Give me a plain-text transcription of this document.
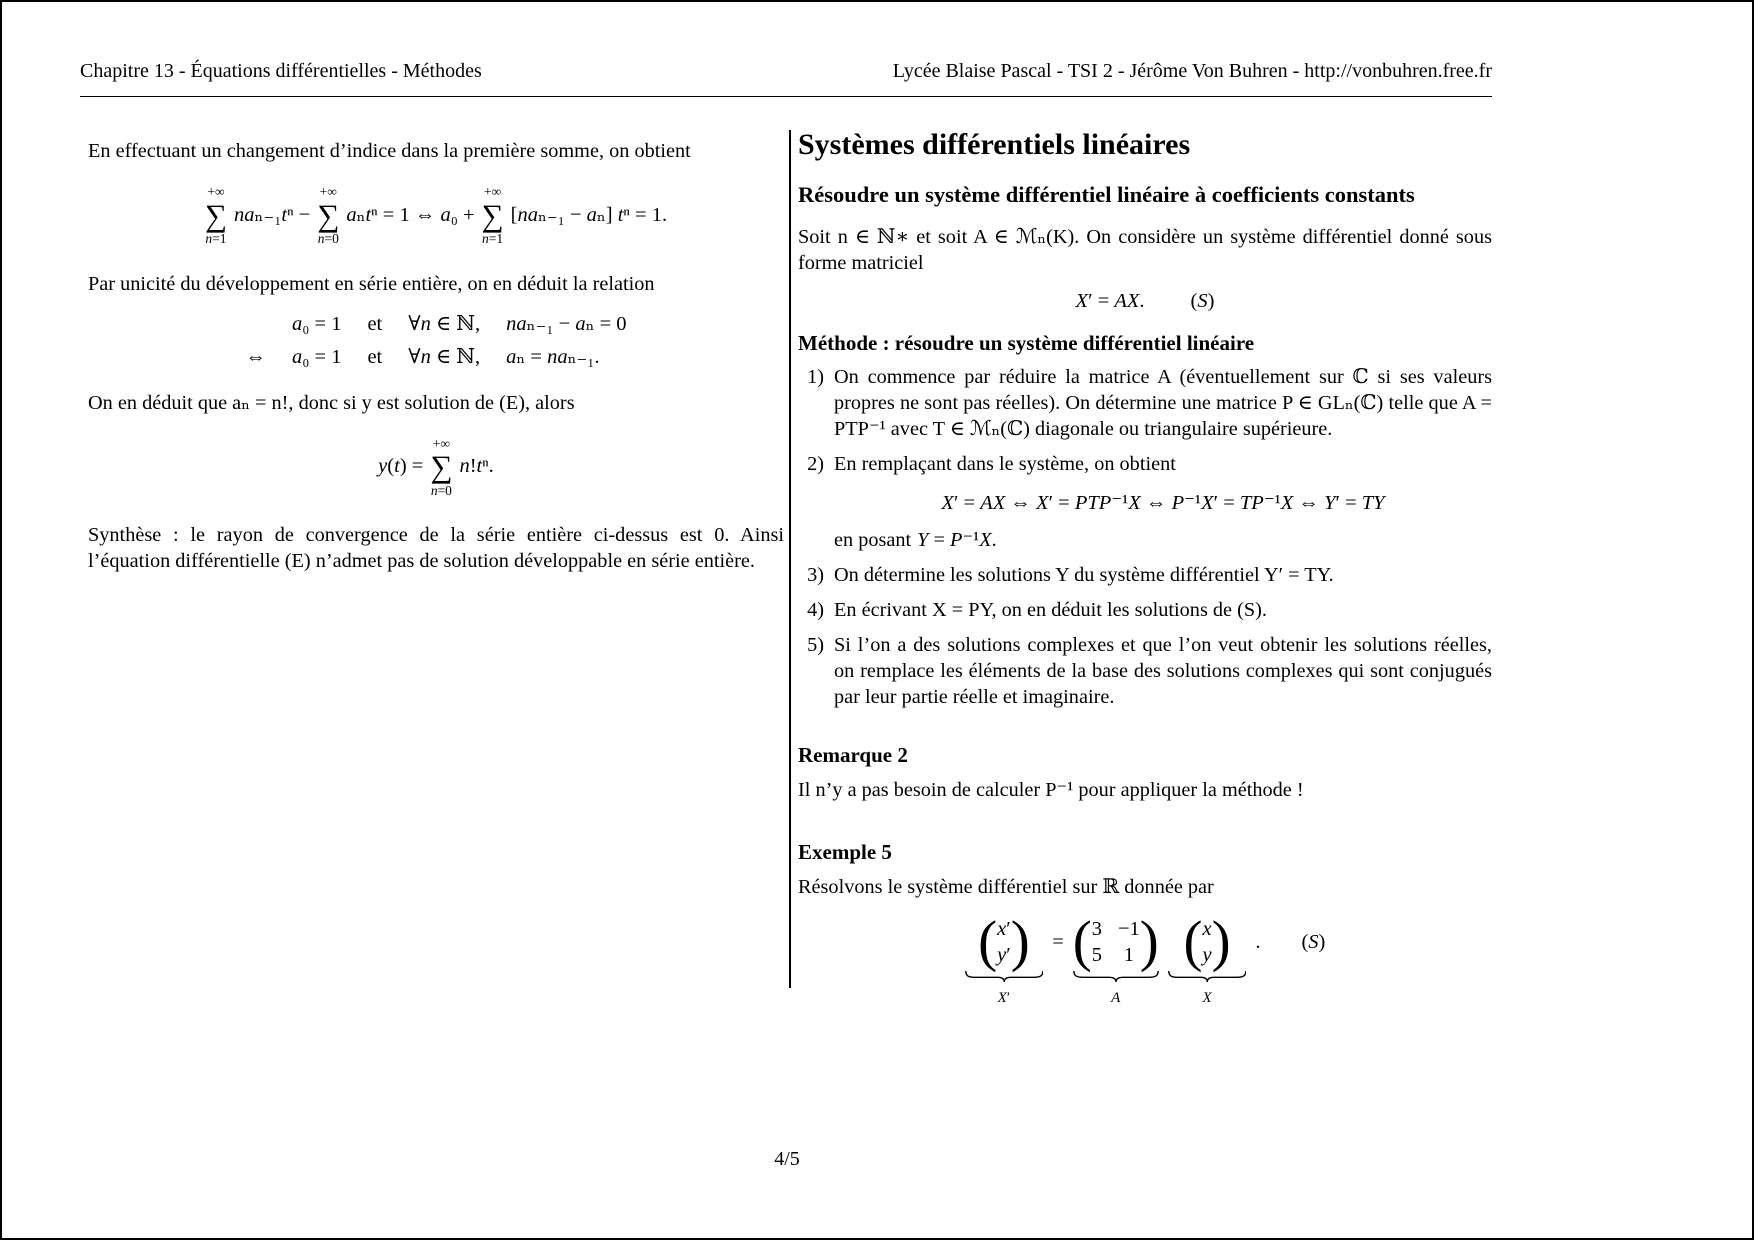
Chapitre 13 - Équations différentielles - Méthodes	Lycée Blaise Pascal - TSI 2 - Jérôme Von Buhren - http://vonbuhren.free.fr

En effectuant un changement d’indice dans la première somme, on obtient

+∞
∑
n=1
naₙ₋₁tⁿ −
+∞
∑
n=0
aₙtⁿ = 1 ⇔ a₀ +
+∞
∑
n=1
[naₙ₋₁ − aₙ] tⁿ = 1.

Par unicité du développement en série entière, on en déduit la relation

a₀ = 1 et ∀n ∈ ℕ, naₙ₋₁ − aₙ = 0
⇔ a₀ = 1 et ∀n ∈ ℕ, aₙ = naₙ₋₁.

On en déduit que aₙ = n!, donc si y est solution de (E), alors

y(t) =
+∞
∑
n=0
n!tⁿ.

Synthèse : le rayon de convergence de la série entière ci-dessus est 0. Ainsi l’équation différentielle (E) n’admet pas de solution développable en série entière.

Systèmes différentiels linéaires
Résoudre un système différentiel linéaire à coefficients constants

Soit n ∈ ℕ∗ et soit A ∈ ℳₙ(K). On considère un système différentiel donné sous forme matriciel

X′ = AX. (S)
Méthode : résoudre un système différentiel linéaire
1) On commence par réduire la matrice A (éventuellement sur ℂ si ses valeurs propres ne sont pas réelles). On détermine une matrice P ∈ GLₙ(ℂ) telle que A = PTP⁻¹ avec T ∈ ℳₙ(ℂ) diagonale ou triangulaire supérieure.

2) En remplaçant dans le système, on obtient

X′ = AX ⇔ X′ = PTP⁻¹X ⇔ P⁻¹X′ = TP⁻¹X ⇔ Y′ = TY

en posant Y = P⁻¹X.

3) On détermine les solutions Y du système différentiel Y′ = TY.

4) En écrivant X = PY, on en déduit les solutions de (S).

5) Si l’on a des solutions complexes et que l’on veut obtenir les solutions réelles, on remplace les éléments de la base des solutions complexes qui sont conjugués par leur partie réelle et imaginaire.

Remarque 2

Il n’y a pas besoin de calculer P⁻¹ pour appliquer la méthode !

Exemple 5

Résolvons le système différentiel sur ℝ donnée par

( x′
y′ )
X′
= ( 3 −1
5 1 )
A
( x
y )
X
. ( S )
4/5
